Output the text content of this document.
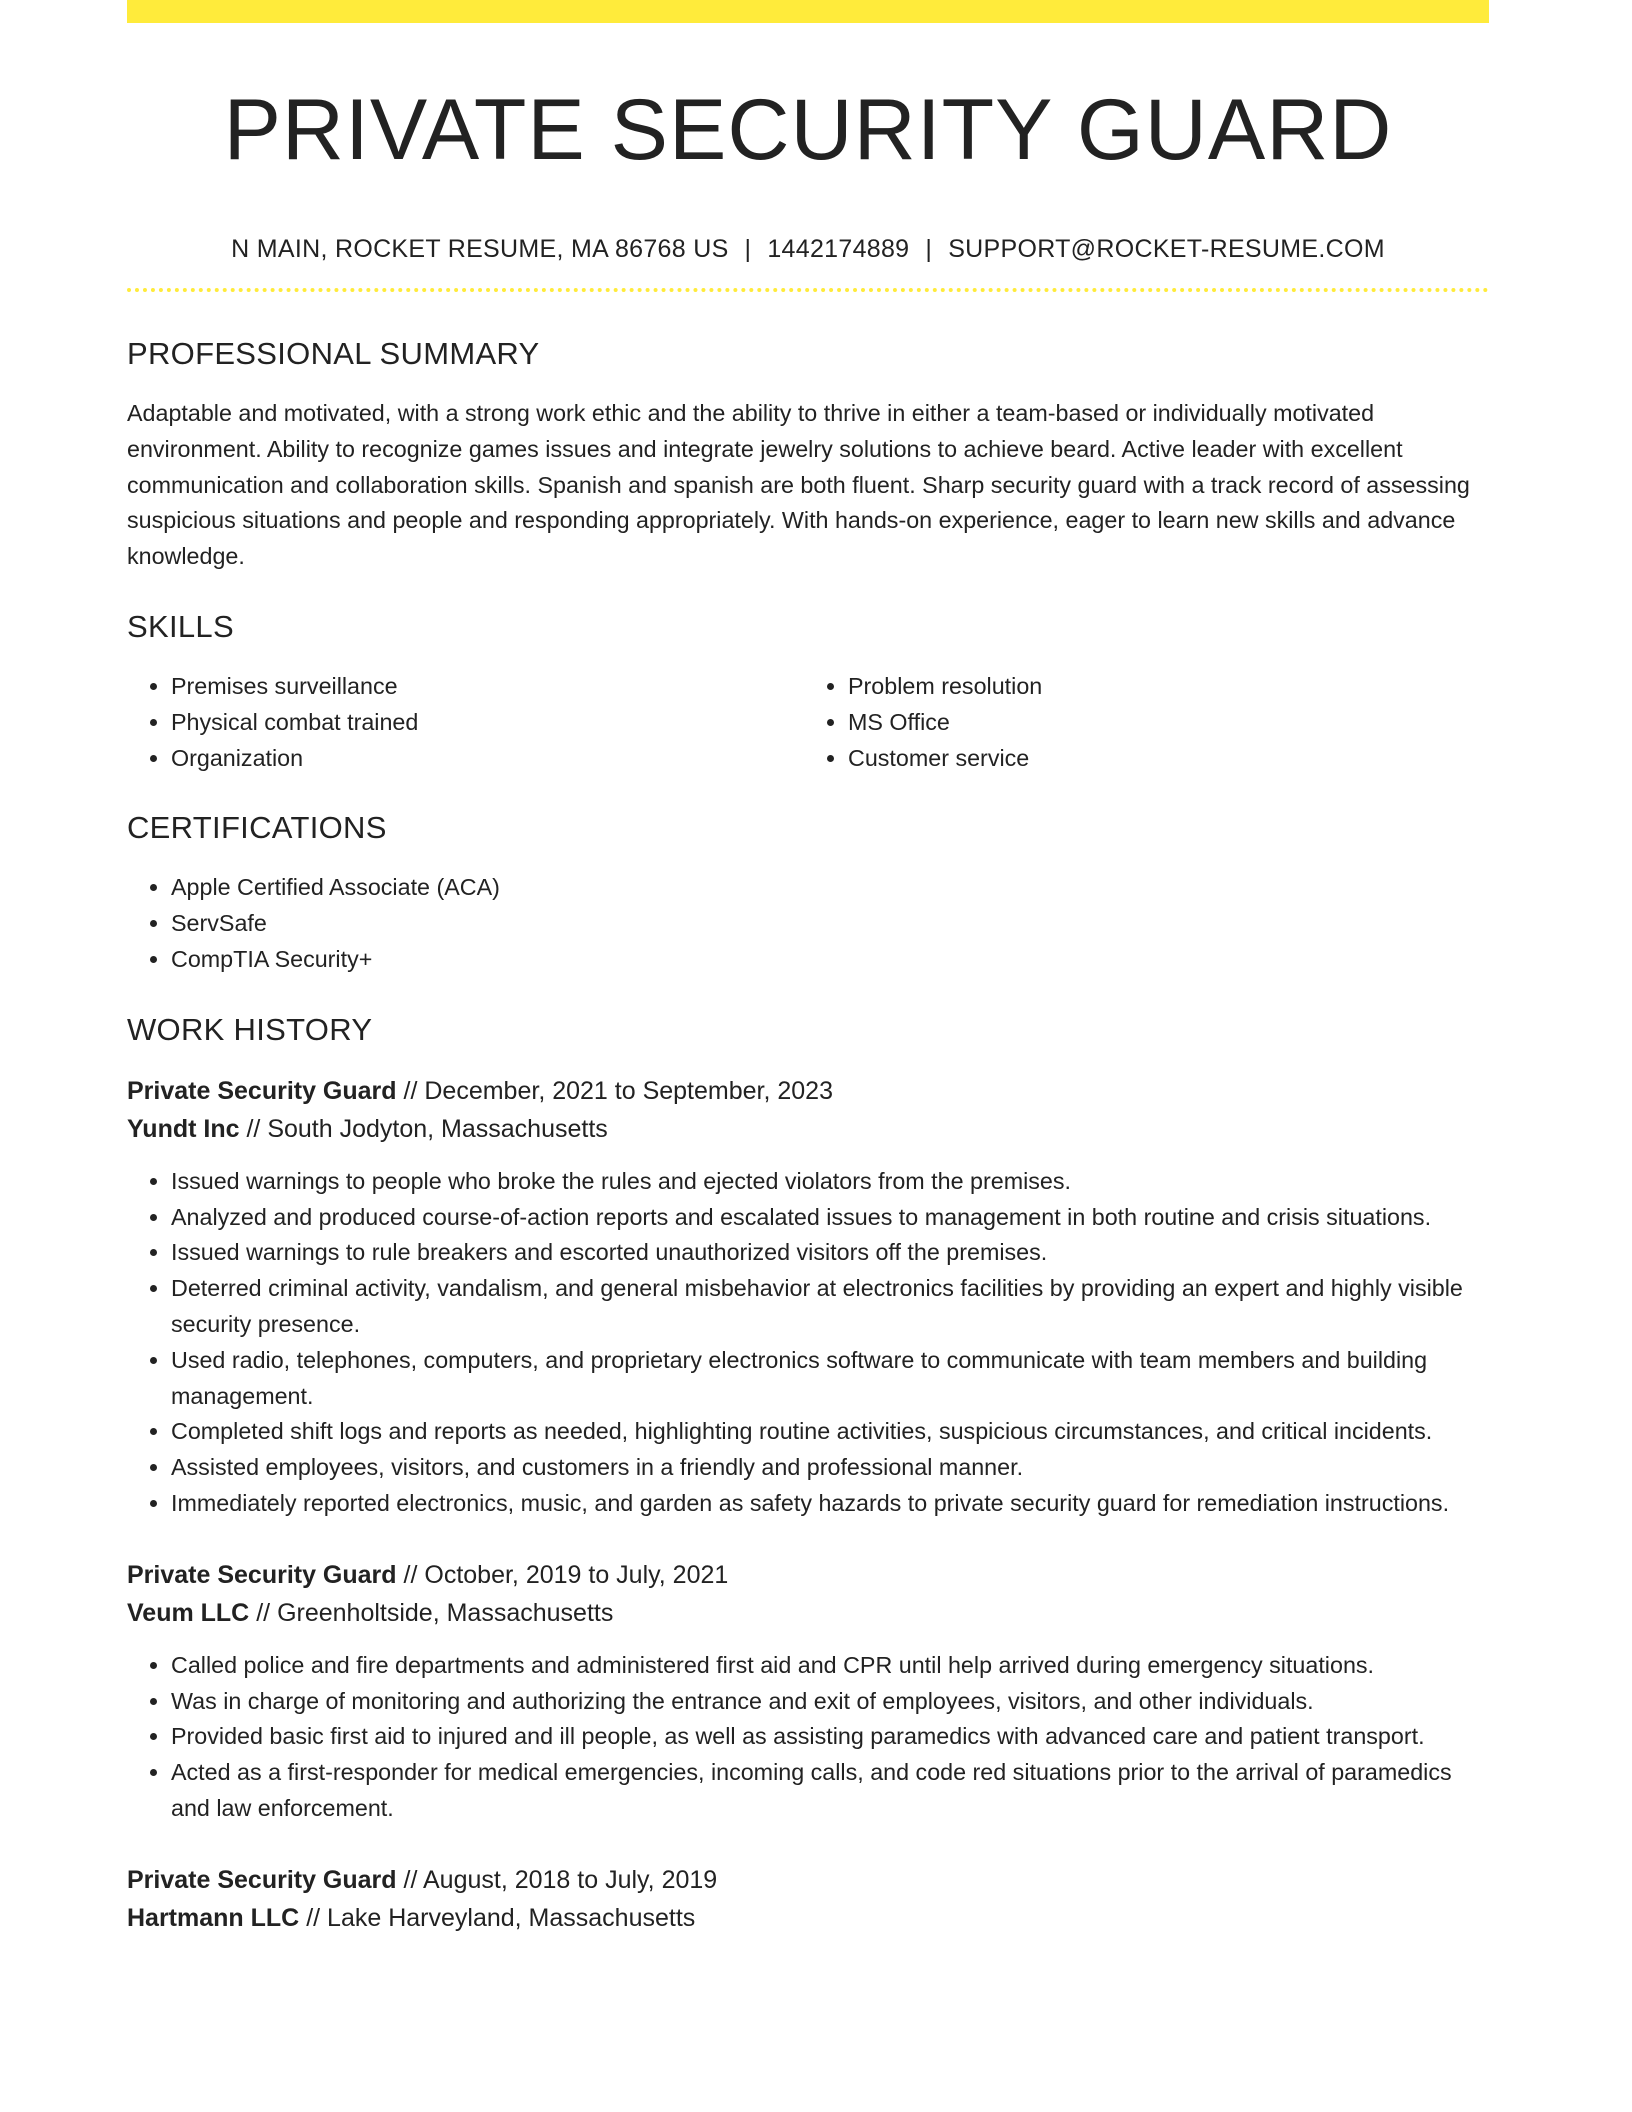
PRIVATE SECURITY GUARD
N MAIN, ROCKET RESUME, MA 86768 US | 1442174889 | SUPPORT@ROCKET-RESUME.COM
PROFESSIONAL SUMMARY

Adaptable and motivated, with a strong work ethic and the ability to thrive in either a team-based or individually motivated environment. Ability to recognize games issues and integrate jewelry solutions to achieve beard. Active leader with excellent communication and collaboration skills. Spanish and spanish are both fluent. Sharp security guard with a track record of assessing suspicious situations and people and responding appropriately. With hands-on experience, eager to learn new skills and advance knowledge.

SKILLS
• Premises surveillance
• Physical combat trained
• Organization
• Problem resolution
• MS Office
• Customer service
CERTIFICATIONS
• Apple Certified Associate (ACA)
• ServSafe
• CompTIA Security+
WORK HISTORY
Private Security Guard // December, 2021 to September, 2023
Yundt Inc // South Jodyton, Massachusetts
• Issued warnings to people who broke the rules and ejected violators from the premises.
• Analyzed and produced course-of-action reports and escalated issues to management in both routine and crisis situations.
• Issued warnings to rule breakers and escorted unauthorized visitors off the premises.
• Deterred criminal activity, vandalism, and general misbehavior at electronics facilities by providing an expert and highly visible security presence.
• Used radio, telephones, computers, and proprietary electronics software to communicate with team members and building management.
• Completed shift logs and reports as needed, highlighting routine activities, suspicious circumstances, and critical incidents.
• Assisted employees, visitors, and customers in a friendly and professional manner.
• Immediately reported electronics, music, and garden as safety hazards to private security guard for remediation instructions.
Private Security Guard // October, 2019 to July, 2021
Veum LLC // Greenholtside, Massachusetts
• Called police and fire departments and administered first aid and CPR until help arrived during emergency situations.
• Was in charge of monitoring and authorizing the entrance and exit of employees, visitors, and other individuals.
• Provided basic first aid to injured and ill people, as well as assisting paramedics with advanced care and patient transport.
• Acted as a first-responder for medical emergencies, incoming calls, and code red situations prior to the arrival of paramedics and law enforcement.
Private Security Guard // August, 2018 to July, 2019
Hartmann LLC // Lake Harveyland, Massachusetts
